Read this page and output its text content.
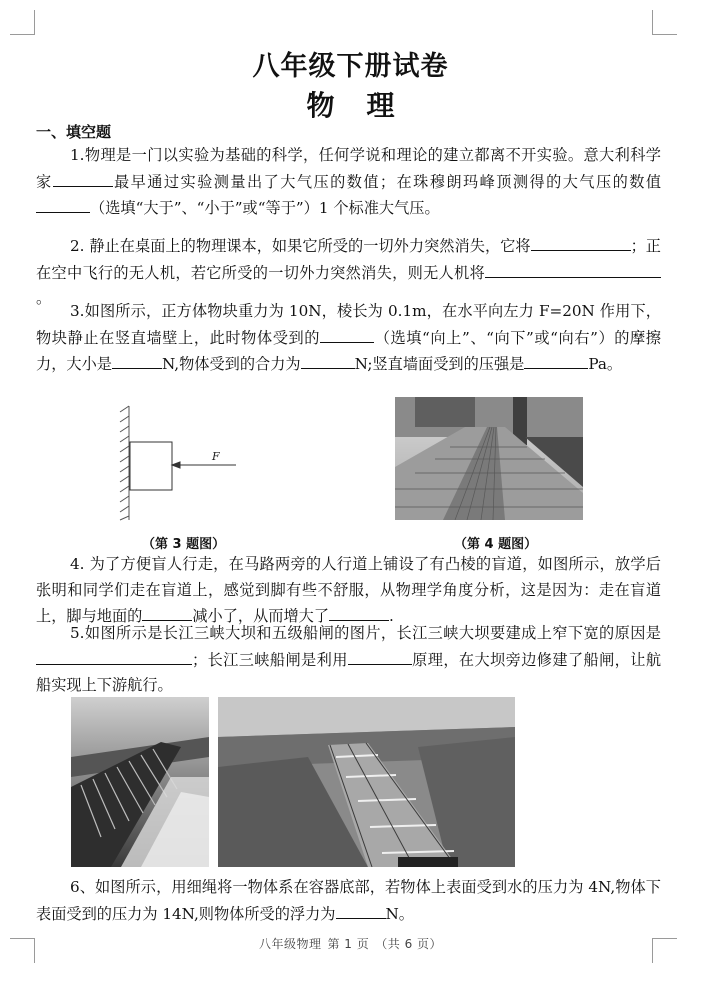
八年级下册试卷
物 理
一、填空题
1.物理是一门以实验为基础的科学，任何学说和理论的建立都离不开实验。意大利科学家	最早通过实验测量出了大气压的数值；在珠穆朗玛峰顶测得的大气压的数值（选填“大于”、“小于”或“等于”）1 个标准大气压。
2. 静止在桌面上的物理课本，如果它所受的一切外力突然消失，它将	；正在空中飞行的无人机，若它所受的一切外力突然消失，则无人机将。
3.如图所示，正方体物块重力为 10N，棱长为 0.1m，在水平向左力 F=20N 作用下，物块静止在竖直墙壁上，此时物体受到的	（选填“向上”、“向下”或“向右”）的摩擦力，大小是	N,物体受到的合力为	N;竖直墙面受到的压强是	Pa。
F
（第 3 题图）	（第 4 题图）
4. 为了方便盲人行走，在马路两旁的人行道上铺设了有凸棱的盲道，如图所示，放学后张明和同学们走在盲道上，感觉到脚有些不舒服，从物理学角度分析，这是因为：走在盲道上，脚与地面的	减小了，从而增大了	.
5.如图所示是长江三峡大坝和五级船闸的图片，长江三峡大坝要建成上窄下宽的原因是；长江三峡船闸是利用	原理，在大坝旁边修建了船闸，让航船实现上下游航行。
6、如图所示，用细绳将一物体系在容器底部，若物体上表面受到水的压力为 4N,物体下表面受到的压力为 14N,则物体所受的浮力为	N。
八年级物理 第 1 页 （共 6 页）
